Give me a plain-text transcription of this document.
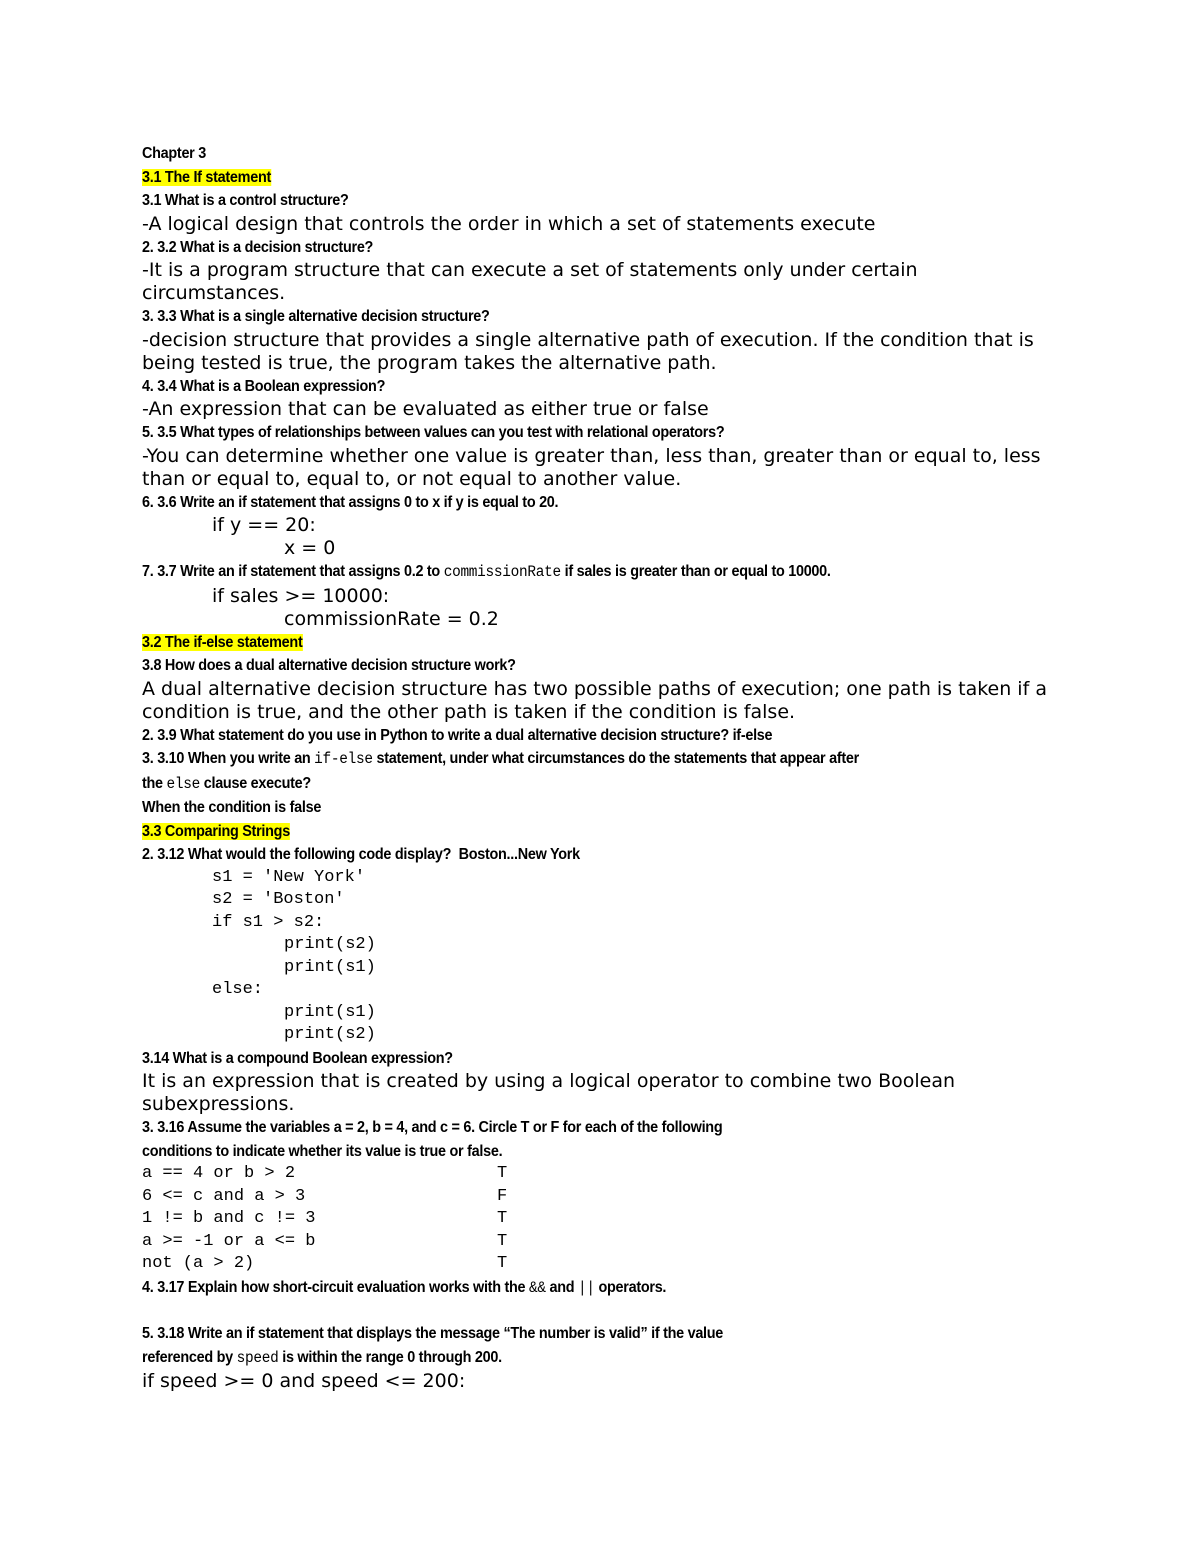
Chapter 3
3.1 The If statement
3.1 What is a control structure?
-A logical design that controls the order in which a set of statements execute
2. 3.2 What is a decision structure?
-It is a program structure that can execute a set of statements only under certain circumstances.
3. 3.3 What is a single alternative decision structure?
-decision structure that provides a single alternative path of execution. If the condition that is being tested is true, the program takes the alternative path.
4. 3.4 What is a Boolean expression?
-An expression that can be evaluated as either true or false
5. 3.5 What types of relationships between values can you test with relational operators?
-You can determine whether one value is greater than, less than, greater than or equal to, less than or equal to, equal to, or not equal to another value.
6. 3.6 Write an if statement that assigns 0 to x if y is equal to 20.
if y == 20:
x = 0
7. 3.7 Write an if statement that assigns 0.2 to commissionRate if sales is greater than or equal to 10000.
if sales >= 10000:
commissionRate = 0.2
3.2 The if-else statement
3.8 How does a dual alternative decision structure work?
A dual alternative decision structure has two possible paths of execution; one path is taken if a condition is true, and the other path is taken if the condition is false.
2. 3.9 What statement do you use in Python to write a dual alternative decision structure? if-else
3. 3.10 When you write an if-else statement, under what circumstances do the statements that appear after
the else clause execute?
When the condition is false
3.3 Comparing Strings
2. 3.12 What would the following code display?  Boston...New York
s1 = 'New York'
s2 = 'Boston'
if s1 > s2:
print(s2)
print(s1)
else:
print(s1)
print(s2)
3.14 What is a compound Boolean expression?
It is an expression that is created by using a logical operator to combine two Boolean subexpressions.
3. 3.16 Assume the variables a = 2, b = 4, and c = 6. Circle T or F for each of the following
conditions to indicate whether its value is true or false.
a == 4 or b > 2	T
6 <= c and a > 3	F
1 != b and c != 3	T
a >= -1 or a <= b	T
not (a > 2)	T
4. 3.17 Explain how short-circuit evaluation works with the && and || operators.
5. 3.18 Write an if statement that displays the message “The number is valid” if the value
referenced by speed is within the range 0 through 200.
if speed >= 0 and speed <= 200:
